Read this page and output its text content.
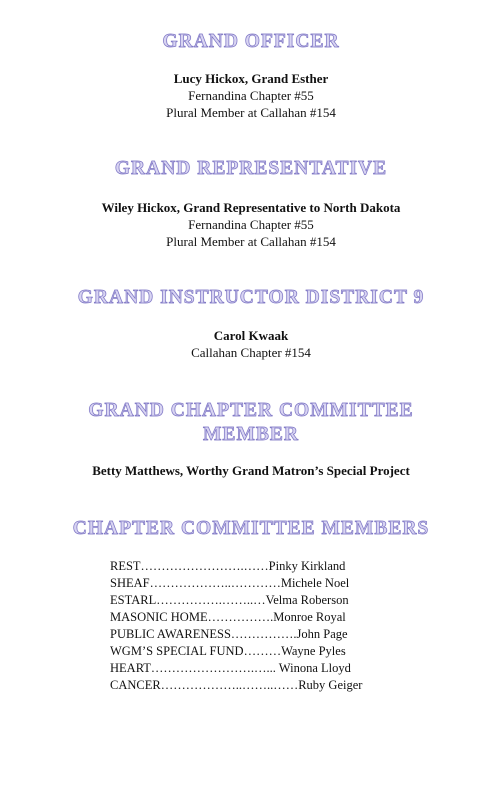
GRAND OFFICER
Lucy Hickox, Grand Esther
Fernandina Chapter #55
Plural Member at Callahan #154
GRAND REPRESENTATIVE
Wiley Hickox, Grand Representative to North Dakota
Fernandina Chapter #55
Plural Member at Callahan #154
GRAND INSTRUCTOR DISTRICT 9
Carol Kwaak
Callahan Chapter #154
GRAND CHAPTER COMMITTEE
MEMBER
Betty Matthews, Worthy Grand Matron’s Special Project
CHAPTER COMMITTEE MEMBERS
REST…………………….……Pinky Kirkland
SHEAF………………..…………Michele Noel
ESTARL…………….……..…Velma Roberson
MASONIC HOME…………….Monroe Royal
PUBLIC AWARENESS…………….John Page
WGM’S SPECIAL FUND………Wayne Pyles
HEART…………………….…... Winona Lloyd
CANCER………………..……..……Ruby Geiger
